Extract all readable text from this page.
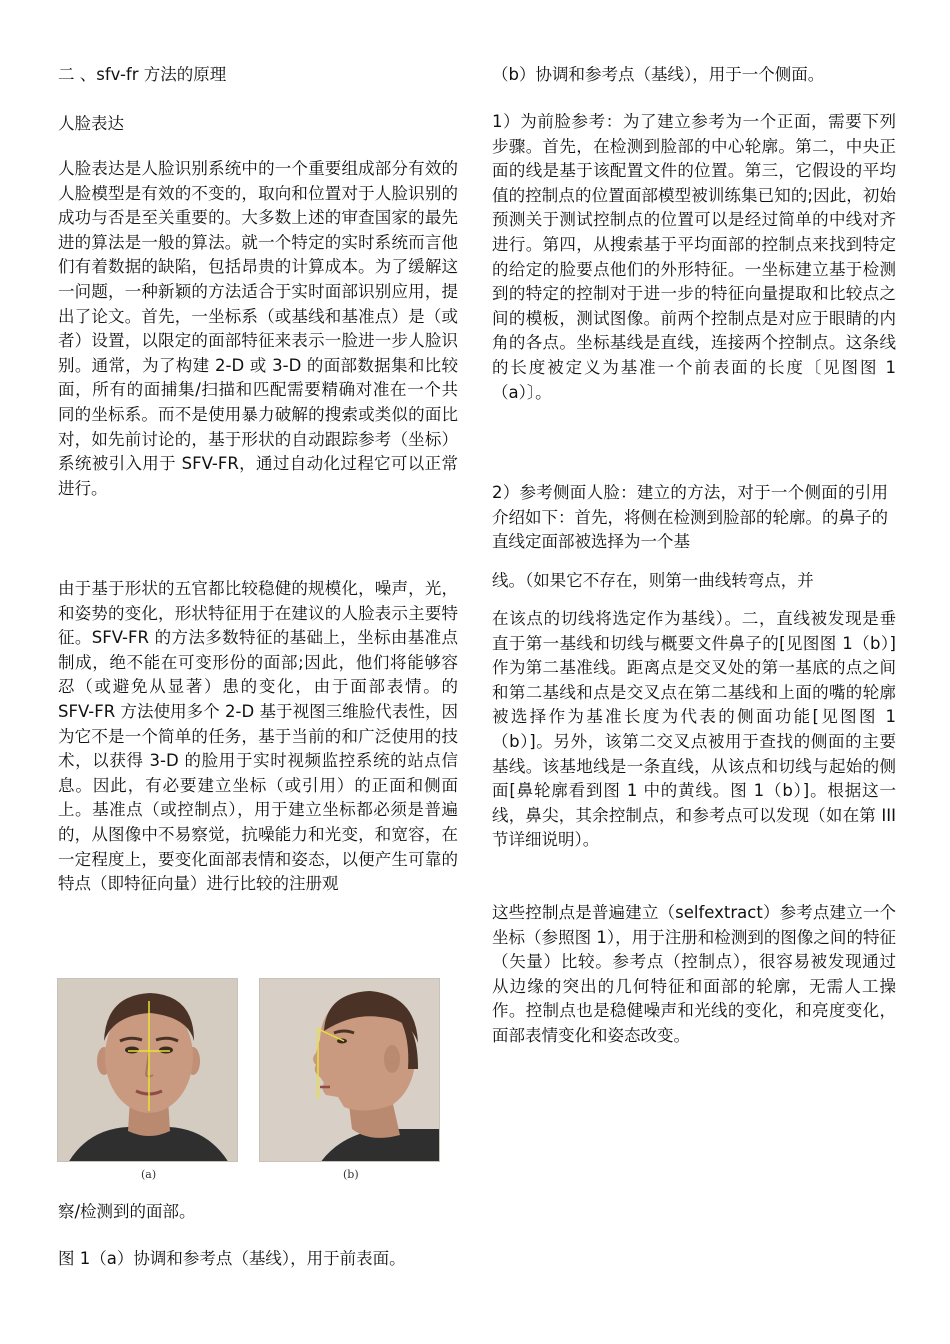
二 、sfv-fr 方法的原理
人脸表达
人脸表达是人脸识别系统中的一个重要组成部分有效的人脸模型是有效的不变的，取向和位置对于人脸识别的成功与否是至关重要的。大多数上述的审查国家的最先进的算法是一般的算法。就一个特定的实时系统而言他们有着数据的缺陷，包括昂贵的计算成本。为了缓解这一问题，一种新颖的方法适合于实时面部识别应用，提出了论文。首先，一坐标系（或基线和基准点）是（或者）设置，以限定的面部特征来表示一脸进一步人脸识别。通常，为了构建 2-D 或 3-D 的面部数据集和比较面，所有的面捕集/扫描和匹配需要精确对准在一个共同的坐标系。而不是使用暴力破解的搜索或类似的面比对，如先前讨论的，基于形状的自动跟踪参考（坐标）系统被引入用于 SFV-FR，通过自动化过程它可以正常进行。
由于基于形状的五官都比较稳健的规模化，噪声，光，和姿势的变化，形状特征用于在建议的人脸表示主要特征。SFV-FR 的方法多数特征的基础上，坐标由基准点制成，绝不能在可变形份的面部;因此，他们将能够容忍（或避免从显著）患的变化，由于面部表情。的 SFV-FR 方法使用多个 2-D 基于视图三维脸代表性，因为它不是一个简单的任务，基于当前的和广泛使用的技术，以获得 3-D 的脸用于实时视频监控系统的站点信息。因此，有必要建立坐标（或引用）的正面和侧面上。基准点（或控制点），用于建立坐标都必须是普遍的，从图像中不易察觉，抗噪能力和光变，和宽容，在一定程度上，要变化面部表情和姿态，以便产生可靠的特点（即特征向量）进行比较的注册观
察/检测到的面部。
图 1（a）协调和参考点（基线），用于前表面。
(a)	(b)
（b）协调和参考点（基线），用于一个侧面。
1）为前脸参考：为了建立参考为一个正面，需要下列步骤。首先，在检测到脸部的中心轮廓。第二，中央正面的线是基于该配置文件的位置。第三，它假设的平均值的控制点的位置面部模型被训练集已知的;因此，初始预测关于测试控制点的位置可以是经过简单的中线对齐进行。第四，从搜索基于平均面部的控制点来找到特定的给定的脸要点他们的外形特征。一坐标建立基于检测到的特定的控制对于进一步的特征向量提取和比较点之间的模板，测试图像。前两个控制点是对应于眼睛的内角的各点。坐标基线是直线，连接两个控制点。这条线的长度被定义为基准一个前表面的长度〔见图图 1（a）〕。
2）参考侧面人脸：建立的方法，对于一个侧面的引用介绍如下：首先，将侧在检测到脸部的轮廓。的鼻子的直线定面部被选择为一个基
线。（如果它不存在，则第一曲线转弯点，并
在该点的切线将选定作为基线）。二，直线被发现是垂直于第一基线和切线与概要文件鼻子的[见图图 1（b）]作为第二基准线。距离点是交叉处的第一基底的点之间和第二基线和点是交叉点在第二基线和上面的嘴的轮廓被选择作为基准长度为代表的侧面功能[见图图 1（b）]。另外，该第二交叉点被用于查找的侧面的主要基线。该基地线是一条直线，从该点和切线与起始的侧面[鼻轮廓看到图 1 中的黄线。图 1（b）]。根据这一线，鼻尖，其余控制点，和参考点可以发现（如在第 III 节详细说明）。
这些控制点是普遍建立（selfextract）参考点建立一个坐标（参照图 1），用于注册和检测到的图像之间的特征（矢量）比较。参考点（控制点），很容易被发现通过从边缘的突出的几何特征和面部的轮廓，无需人工操作。控制点也是稳健噪声和光线的变化，和亮度变化，面部表情变化和姿态改变。
